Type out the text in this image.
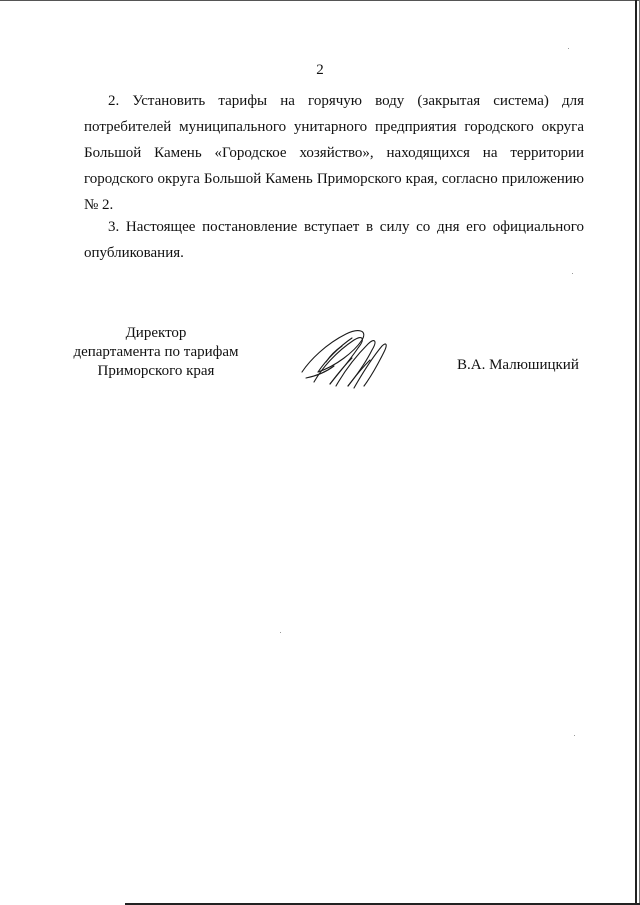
2

2. Установить тарифы на горячую воду (закрытая система) для потребителей муниципального унитарного предприятия городского округа Большой Камень «Городское хозяйство», находящихся на территории городского округа Большой Камень Приморского края, согласно приложению № 2.

3. Настоящее постановление вступает в силу со дня его официального опубликования.

Директор
департамента по тарифам
Приморского края	В.А. Малюшицкий
